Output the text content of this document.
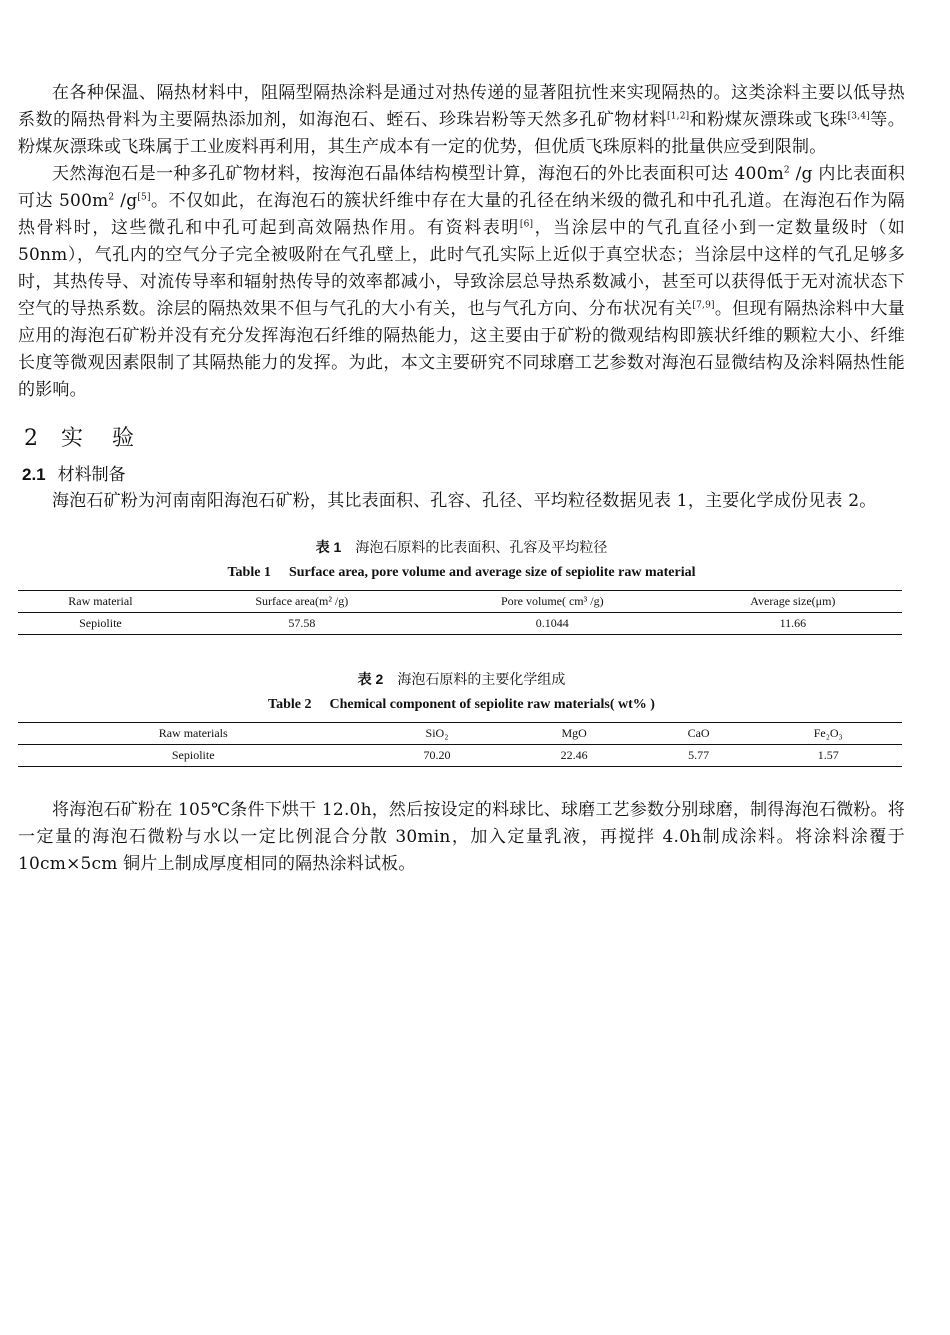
在各种保温、隔热材料中，阻隔型隔热涂料是通过对热传递的显著阻抗性来实现隔热的。这类涂料主要以低导热系数的隔热骨料为主要隔热添加剂，如海泡石、蛭石、珍珠岩粉等天然多孔矿物材料[1,2]和粉煤灰漂珠或飞珠[3,4]等。粉煤灰漂珠或飞珠属于工业废料再利用，其生产成本有一定的优势，但优质飞珠原料的批量供应受到限制。

天然海泡石是一种多孔矿物材料，按海泡石晶体结构模型计算，海泡石的外比表面积可达 $400m^2$ /g 内比表面积可达 $500m^2$ /g[5]。不仅如此，在海泡石的簇状纤维中存在大量的孔径在纳米级的微孔和中孔孔道。在海泡石作为隔热骨料时，这些微孔和中孔可起到高效隔热作用。有资料表明[6]，当涂层中的气孔直径小到一定数量级时（如 50nm），气孔内的空气分子完全被吸附在气孔壁上，此时气孔实际上近似于真空状态；当涂层中这样的气孔足够多时，其热传导、对流传导率和辐射热传导的效率都减小，导致涂层总导热系数减小，甚至可以获得低于无对流状态下空气的导热系数。涂层的隔热效果不但与气孔的大小有关，也与气孔方向、分布状况有关[7,9]。但现有隔热涂料中大量应用的海泡石矿粉并没有充分发挥海泡石纤维的隔热能力，这主要由于矿粉的微观结构即簇状纤维的颗粒大小、纤维长度等微观因素限制了其隔热能力的发挥。为此，本文主要研究不同球磨工艺参数对海泡石显微结构及涂料隔热性能的影响。

2 实 验
2.1 材料制备

海泡石矿粉为河南南阳海泡石矿粉，其比表面积、孔容、孔径、平均粒径数据见表 1，主要化学成份见表 2。

表 1 海泡石原料的比表面积、孔容及平均粒径
Table 1 Surface area, pore volume and average size of sepiolite raw material
Raw material	Surface area(m² /g)	Pore volume( cm³ /g)	Average size(μm)
Sepiolite	57.58	0.1044	11.66
表 2 海泡石原料的主要化学组成
Table 2 Chemical component of sepiolite raw materials( wt% )
Raw materials	SiO₂	MgO	CaO	Fe₂O₃
Sepiolite	70.20	22.46	5.77	1.57

将海泡石矿粉在 105℃条件下烘干 12.0h，然后按设定的料球比、球磨工艺参数分别球磨，制得海泡石微粉。将一定量的海泡石微粉与水以一定比例混合分散 30min，加入定量乳液，再搅拌 4.0h制成涂料。将涂料涂覆于 10cm×5cm 铜片上制成厚度相同的隔热涂料试板。
